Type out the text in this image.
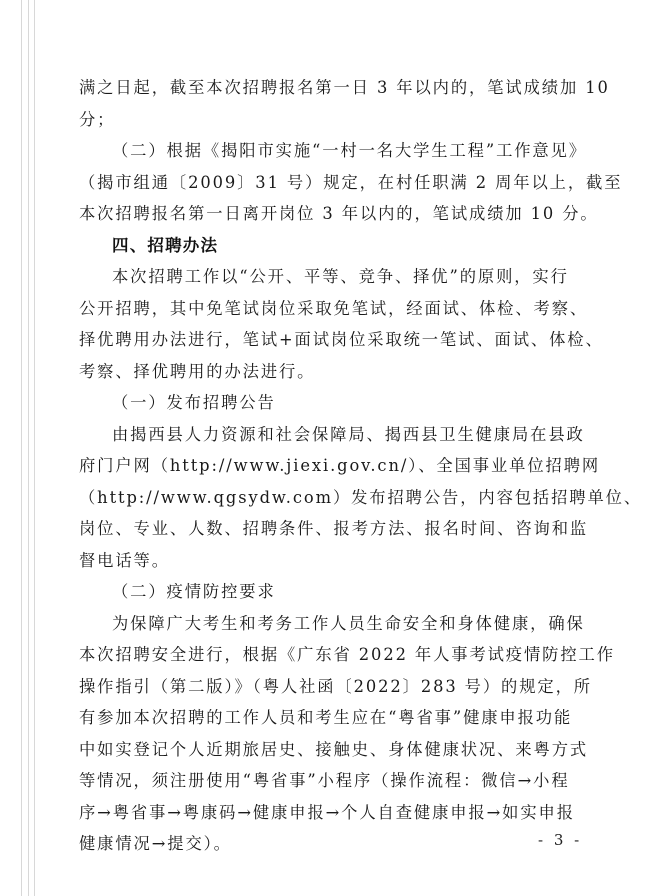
满之日起，截至本次招聘报名第一日 3 年以内的，笔试成绩加 10
分；
（二）根据《揭阳市实施“一村一名大学生工程”工作意见》
（揭市组通〔2009〕31 号）规定，在村任职满 2 周年以上，截至
本次招聘报名第一日离开岗位 3 年以内的，笔试成绩加 10 分。
四、招聘办法
本次招聘工作以“公开、平等、竞争、择优”的原则，实行
公开招聘，其中免笔试岗位采取免笔试，经面试、体检、考察、
择优聘用办法进行，笔试+面试岗位采取统一笔试、面试、体检、
考察、择优聘用的办法进行。
（一）发布招聘公告
由揭西县人力资源和社会保障局、揭西县卫生健康局在县政
府门户网（http://www.jiexi.gov.cn/）、全国事业单位招聘网
（http://www.qgsydw.com）发布招聘公告，内容包括招聘单位、
岗位、专业、人数、招聘条件、报考方法、报名时间、咨询和监
督电话等。
（二）疫情防控要求
为保障广大考生和考务工作人员生命安全和身体健康，确保
本次招聘安全进行，根据《广东省 2022 年人事考试疫情防控工作
操作指引（第二版）》（粤人社函〔2022〕283 号）的规定，所
有参加本次招聘的工作人员和考生应在“粤省事”健康申报功能
中如实登记个人近期旅居史、接触史、身体健康状况、来粤方式
等情况，须注册使用“粤省事”小程序（操作流程：微信→小程
序→粤省事→粤康码→健康申报→个人自查健康申报→如实申报
健康情况→提交）。	- 3 -
